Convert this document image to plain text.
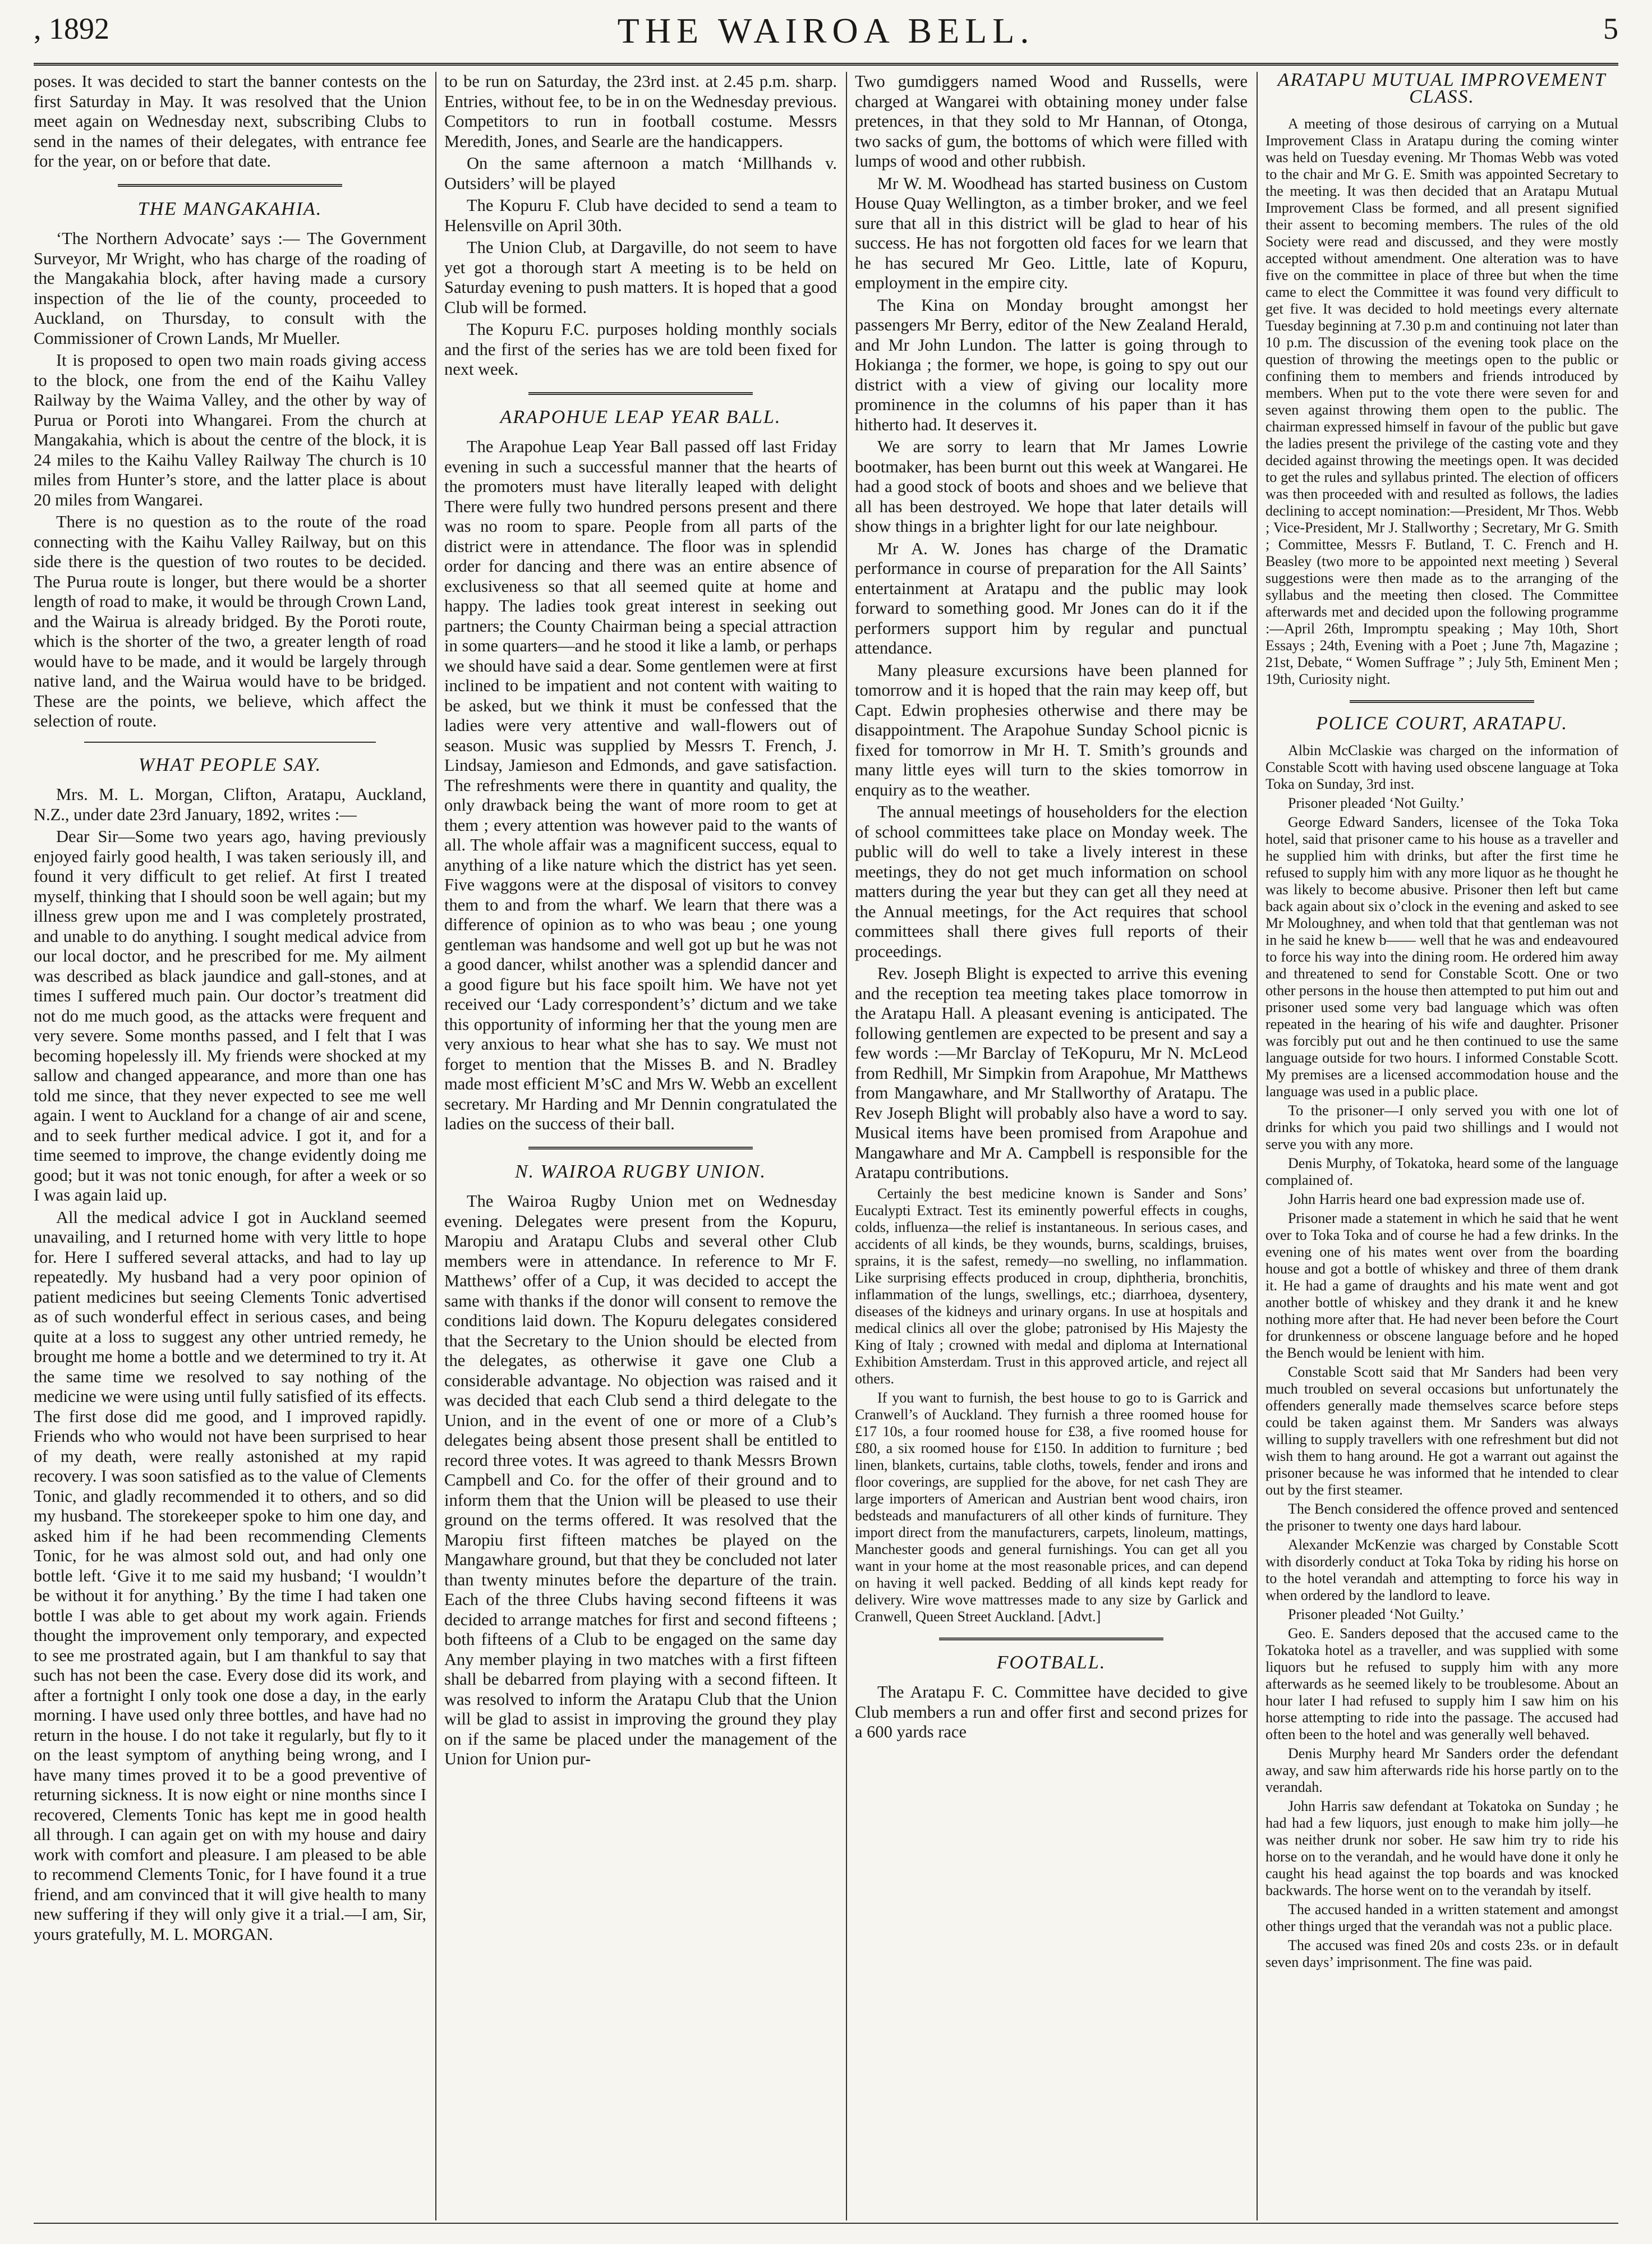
, 1892	THE WAIROA BELL.	5

poses. It was decided to start the banner contests on the first Saturday in May. It was resolved that the Union meet again on Wednesday next, subscribing Clubs to send in the names of their delegates, with entrance fee for the year, on or before that date.

THE MANGAKAHIA.

‘The Northern Advocate’ says :— The Government Surveyor, Mr Wright, who has charge of the roading of the Mangakahia block, after having made a cursory inspection of the lie of the county, proceeded to Auckland, on Thursday, to consult with the Commissioner of Crown Lands, Mr Mueller.

It is proposed to open two main roads giving access to the block, one from the end of the Kaihu Valley Railway by the Waima Valley, and the other by way of Purua or Poroti into Whangarei. From the church at Mangakahia, which is about the centre of the block, it is 24 miles to the Kaihu Valley Railway The church is 10 miles from Hunter’s store, and the latter place is about 20 miles from Wangarei.

There is no question as to the route of the road connecting with the Kaihu Valley Railway, but on this side there is the question of two routes to be decided. The Purua route is longer, but there would be a shorter length of road to make, it would be through Crown Land, and the Wairua is already bridged. By the Poroti route, which is the shorter of the two, a greater length of road would have to be made, and it would be largely through native land, and the Wairua would have to be bridged. These are the points, we believe, which affect the selection of route.

WHAT PEOPLE SAY.

Mrs. M. L. Morgan, Clifton, Aratapu, Auckland, N.Z., under date 23rd January, 1892, writes :—

Dear Sir—Some two years ago, having previously enjoyed fairly good health, I was taken seriously ill, and found it very difficult to get relief. At first I treated myself, thinking that I should soon be well again; but my illness grew upon me and I was completely prostrated, and unable to do anything. I sought medical advice from our local doctor, and he prescribed for me. My ailment was described as black jaundice and gall-stones, and at times I suffered much pain. Our doctor’s treatment did not do me much good, as the attacks were frequent and very severe. Some months passed, and I felt that I was becoming hopelessly ill. My friends were shocked at my sallow and changed appearance, and more than one has told me since, that they never expected to see me well again. I went to Auckland for a change of air and scene, and to seek further medical advice. I got it, and for a time seemed to improve, the change evidently doing me good; but it was not tonic enough, for after a week or so I was again laid up.

All the medical advice I got in Auckland seemed unavailing, and I returned home with very little to hope for. Here I suffered several attacks, and had to lay up repeatedly. My husband had a very poor opinion of patient medicines but seeing Clements Tonic advertised as of such wonderful effect in serious cases, and being quite at a loss to suggest any other untried remedy, he brought me home a bottle and we determined to try it. At the same time we resolved to say nothing of the medicine we were using until fully satisfied of its effects. The first dose did me good, and I improved rapidly. Friends who who would not have been surprised to hear of my death, were really astonished at my rapid recovery. I was soon satisfied as to the value of Clements Tonic, and gladly recommended it to others, and so did my husband. The storekeeper spoke to him one day, and asked him if he had been recommending Clements Tonic, for he was almost sold out, and had only one bottle left. ‘Give it to me said my husband; ‘I wouldn’t be without it for anything.’ By the time I had taken one bottle I was able to get about my work again. Friends thought the improvement only temporary, and expected to see me prostrated again, but I am thankful to say that such has not been the case. Every dose did its work, and after a fortnight I only took one dose a day, in the early morning. I have used only three bottles, and have had no return in the house. I do not take it regularly, but fly to it on the least symptom of anything being wrong, and I have many times proved it to be a good preventive of returning sickness. It is now eight or nine months since I recovered, Clements Tonic has kept me in good health all through. I can again get on with my house and dairy work with comfort and pleasure. I am pleased to be able to recommend Clements Tonic, for I have found it a true friend, and am convinced that it will give health to many new suffering if they will only give it a trial.—I am, Sir, yours gratefully, M. L. MORGAN.

to be run on Saturday, the 23rd inst. at 2.45 p.m. sharp. Entries, without fee, to be in on the Wednesday previous. Competitors to run in football costume. Messrs Meredith, Jones, and Searle are the handicappers.

On the same afternoon a match ‘Millhands v. Outsiders’ will be played

The Kopuru F. Club have decided to send a team to Helensville on April 30th.

The Union Club, at Dargaville, do not seem to have yet got a thorough start A meeting is to be held on Saturday evening to push matters. It is hoped that a good Club will be formed.

The Kopuru F.C. purposes holding monthly socials and the first of the series has we are told been fixed for next week.

ARAPOHUE LEAP YEAR BALL.

The Arapohue Leap Year Ball passed off last Friday evening in such a successful manner that the hearts of the promoters must have literally leaped with delight There were fully two hundred persons present and there was no room to spare. People from all parts of the district were in attendance. The floor was in splendid order for dancing and there was an entire absence of exclusiveness so that all seemed quite at home and happy. The ladies took great interest in seeking out partners; the County Chairman being a special attraction in some quarters—and he stood it like a lamb, or perhaps we should have said a dear. Some gentlemen were at first inclined to be impatient and not content with waiting to be asked, but we think it must be confessed that the ladies were very attentive and wall-flowers out of season. Music was supplied by Messrs T. French, J. Lindsay, Jamieson and Edmonds, and gave satisfaction. The refreshments were there in quantity and quality, the only drawback being the want of more room to get at them ; every attention was however paid to the wants of all. The whole affair was a magnificent success, equal to anything of a like nature which the district has yet seen. Five waggons were at the disposal of visitors to convey them to and from the wharf. We learn that there was a difference of opinion as to who was beau ; one young gentleman was handsome and well got up but he was not a good dancer, whilst another was a splendid dancer and a good figure but his face spoilt him. We have not yet received our ‘Lady correspondent’s’ dictum and we take this opportunity of informing her that the young men are very anxious to hear what she has to say. We must not forget to mention that the Misses B. and N. Bradley made most efficient M’sC and Mrs W. Webb an excellent secretary. Mr Harding and Mr Dennin congratulated the ladies on the success of their ball.

N. WAIROA RUGBY UNION.

The Wairoa Rugby Union met on Wednesday evening. Delegates were present from the Kopuru, Maropiu and Aratapu Clubs and several other Club members were in attendance. In reference to Mr F. Matthews’ offer of a Cup, it was decided to accept the same with thanks if the donor will consent to remove the conditions laid down. The Kopuru delegates considered that the Secretary to the Union should be elected from the delegates, as otherwise it gave one Club a considerable advantage. No objection was raised and it was decided that each Club send a third delegate to the Union, and in the event of one or more of a Club’s delegates being absent those present shall be entitled to record three votes. It was agreed to thank Messrs Brown Campbell and Co. for the offer of their ground and to inform them that the Union will be pleased to use their ground on the terms offered. It was resolved that the Maropiu first fifteen matches be played on the Mangawhare ground, but that they be concluded not later than twenty minutes before the departure of the train. Each of the three Clubs having second fifteens it was decided to arrange matches for first and second fifteens ; both fifteens of a Club to be engaged on the same day Any member playing in two matches with a first fifteen shall be debarred from playing with a second fifteen. It was resolved to inform the Aratapu Club that the Union will be glad to assist in improving the ground they play on if the same be placed under the management of the Union for Union pur-

Two gumdiggers named Wood and Russells, were charged at Wangarei with obtaining money under false pretences, in that they sold to Mr Hannan, of Otonga, two sacks of gum, the bottoms of which were filled with lumps of wood and other rubbish.

Mr W. M. Woodhead has started business on Custom House Quay Wellington, as a timber broker, and we feel sure that all in this district will be glad to hear of his success. He has not forgotten old faces for we learn that he has secured Mr Geo. Little, late of Kopuru, employment in the empire city.

The Kina on Monday brought amongst her passengers Mr Berry, editor of the New Zealand Herald, and Mr John Lundon. The latter is going through to Hokianga ; the former, we hope, is going to spy out our district with a view of giving our locality more prominence in the columns of his paper than it has hitherto had. It deserves it.

We are sorry to learn that Mr James Lowrie bootmaker, has been burnt out this week at Wangarei. He had a good stock of boots and shoes and we believe that all has been destroyed. We hope that later details will show things in a brighter light for our late neighbour.

Mr A. W. Jones has charge of the Dramatic performance in course of preparation for the All Saints’ entertainment at Aratapu and the public may look forward to something good. Mr Jones can do it if the performers support him by regular and punctual attendance.

Many pleasure excursions have been planned for tomorrow and it is hoped that the rain may keep off, but Capt. Edwin prophesies otherwise and there may be disappointment. The Arapohue Sunday School picnic is fixed for tomorrow in Mr H. T. Smith’s grounds and many little eyes will turn to the skies tomorrow in enquiry as to the weather.

The annual meetings of householders for the election of school committees take place on Monday week. The public will do well to take a lively interest in these meetings, they do not get much information on school matters during the year but they can get all they need at the Annual meetings, for the Act requires that school committees shall there gives full reports of their proceedings.

Rev. Joseph Blight is expected to arrive this evening and the reception tea meeting takes place tomorrow in the Aratapu Hall. A pleasant evening is anticipated. The following gentlemen are expected to be present and say a few words :—Mr Barclay of TeKopuru, Mr N. McLeod from Redhill, Mr Simpkin from Arapohue, Mr Matthews from Mangawhare, and Mr Stallworthy of Aratapu. The Rev Joseph Blight will probably also have a word to say. Musical items have been promised from Arapohue and Mangawhare and Mr A. Campbell is responsible for the Aratapu contributions.

Certainly the best medicine known is Sander and Sons’ Eucalypti Extract. Test its eminently powerful effects in coughs, colds, influenza—the relief is instantaneous. In serious cases, and accidents of all kinds, be they wounds, burns, scaldings, bruises, sprains, it is the safest, remedy—no swelling, no inflammation. Like surprising effects produced in croup, diphtheria, bronchitis, inflammation of the lungs, swellings, etc.; diarrhoea, dysentery, diseases of the kidneys and urinary organs. In use at hospitals and medical clinics all over the globe; patronised by His Majesty the King of Italy ; crowned with medal and diploma at International Exhibition Amsterdam. Trust in this approved article, and reject all others.

If you want to furnish, the best house to go to is Garrick and Cranwell’s of Auckland. They furnish a three roomed house for £17 10s, a four roomed house for £38, a five roomed house for £80, a six roomed house for £150. In addition to furniture ; bed linen, blankets, curtains, table cloths, towels, fender and irons and floor coverings, are supplied for the above, for net cash They are large importers of American and Austrian bent wood chairs, iron bedsteads and manufacturers of all other kinds of furniture. They import direct from the manufacturers, carpets, linoleum, mattings, Manchester goods and general furnishings. You can get all you want in your home at the most reasonable prices, and can depend on having it well packed. Bedding of all kinds kept ready for delivery. Wire wove mattresses made to any size by Garlick and Cranwell, Queen Street Auckland. [Advt.]

FOOTBALL.

The Aratapu F. C. Committee have decided to give Club members a run and offer first and second prizes for a 600 yards race

ARATAPU MUTUAL IMPROVEMENT CLASS.

A meeting of those desirous of carrying on a Mutual Improvement Class in Aratapu during the coming winter was held on Tuesday evening. Mr Thomas Webb was voted to the chair and Mr G. E. Smith was appointed Secretary to the meeting. It was then decided that an Aratapu Mutual Improvement Class be formed, and all present signified their assent to becoming members. The rules of the old Society were read and discussed, and they were mostly accepted without amendment. One alteration was to have five on the committee in place of three but when the time came to elect the Committee it was found very difficult to get five. It was decided to hold meetings every alternate Tuesday beginning at 7.30 p.m and continuing not later than 10 p.m. The discussion of the evening took place on the question of throwing the meetings open to the public or confining them to members and friends introduced by members. When put to the vote there were seven for and seven against throwing them open to the public. The chairman expressed himself in favour of the public but gave the ladies present the privilege of the casting vote and they decided against throwing the meetings open. It was decided to get the rules and syllabus printed. The election of officers was then proceeded with and resulted as follows, the ladies declining to accept nomination:—President, Mr Thos. Webb ; Vice-President, Mr J. Stallworthy ; Secretary, Mr G. Smith ; Committee, Messrs F. Butland, T. C. French and H. Beasley (two more to be appointed next meeting ) Several suggestions were then made as to the arranging of the syllabus and the meeting then closed. The Committee afterwards met and decided upon the following programme :—April 26th, Impromptu speaking ; May 10th, Short Essays ; 24th, Evening with a Poet ; June 7th, Magazine ; 21st, Debate, “ Women Suffrage ” ; July 5th, Eminent Men ; 19th, Curiosity night.

POLICE COURT, ARATAPU.

Albin McClaskie was charged on the information of Constable Scott with having used obscene language at Toka Toka on Sunday, 3rd inst.

Prisoner pleaded ‘Not Guilty.’

George Edward Sanders, licensee of the Toka Toka hotel, said that prisoner came to his house as a traveller and he supplied him with drinks, but after the first time he refused to supply him with any more liquor as he thought he was likely to become abusive. Prisoner then left but came back again about six o’clock in the evening and asked to see Mr Moloughney, and when told that that gentleman was not in he said he knew b—— well that he was and endeavoured to force his way into the dining room. He ordered him away and threatened to send for Constable Scott. One or two other persons in the house then attempted to put him out and prisoner used some very bad language which was often repeated in the hearing of his wife and daughter. Prisoner was forcibly put out and he then continued to use the same language outside for two hours. I informed Constable Scott. My premises are a licensed accommodation house and the language was used in a public place.

To the prisoner—I only served you with one lot of drinks for which you paid two shillings and I would not serve you with any more.

Denis Murphy, of Tokatoka, heard some of the language complained of.

John Harris heard one bad expression made use of.

Prisoner made a statement in which he said that he went over to Toka Toka and of course he had a few drinks. In the evening one of his mates went over from the boarding house and got a bottle of whiskey and three of them drank it. He had a game of draughts and his mate went and got another bottle of whiskey and they drank it and he knew nothing more after that. He had never been before the Court for drunkenness or obscene language before and he hoped the Bench would be lenient with him.

Constable Scott said that Mr Sanders had been very much troubled on several occasions but unfortunately the offenders generally made themselves scarce before steps could be taken against them. Mr Sanders was always willing to supply travellers with one refreshment but did not wish them to hang around. He got a warrant out against the prisoner because he was informed that he intended to clear out by the first steamer.

The Bench considered the offence proved and sentenced the prisoner to twenty one days hard labour.

Alexander McKenzie was charged by Constable Scott with disorderly conduct at Toka Toka by riding his horse on to the hotel verandah and attempting to force his way in when ordered by the landlord to leave.

Prisoner pleaded ‘Not Guilty.’

Geo. E. Sanders deposed that the accused came to the Tokatoka hotel as a traveller, and was supplied with some liquors but he refused to supply him with any more afterwards as he seemed likely to be troublesome. About an hour later I had refused to supply him I saw him on his horse attempting to ride into the passage. The accused had often been to the hotel and was generally well behaved.

Denis Murphy heard Mr Sanders order the defendant away, and saw him afterwards ride his horse partly on to the verandah.

John Harris saw defendant at Tokatoka on Sunday ; he had had a few liquors, just enough to make him jolly—he was neither drunk nor sober. He saw him try to ride his horse on to the verandah, and he would have done it only he caught his head against the top boards and was knocked backwards. The horse went on to the verandah by itself.

The accused handed in a written statement and amongst other things urged that the verandah was not a public place.

The accused was fined 20s and costs 23s. or in default seven days’ imprisonment. The fine was paid.
